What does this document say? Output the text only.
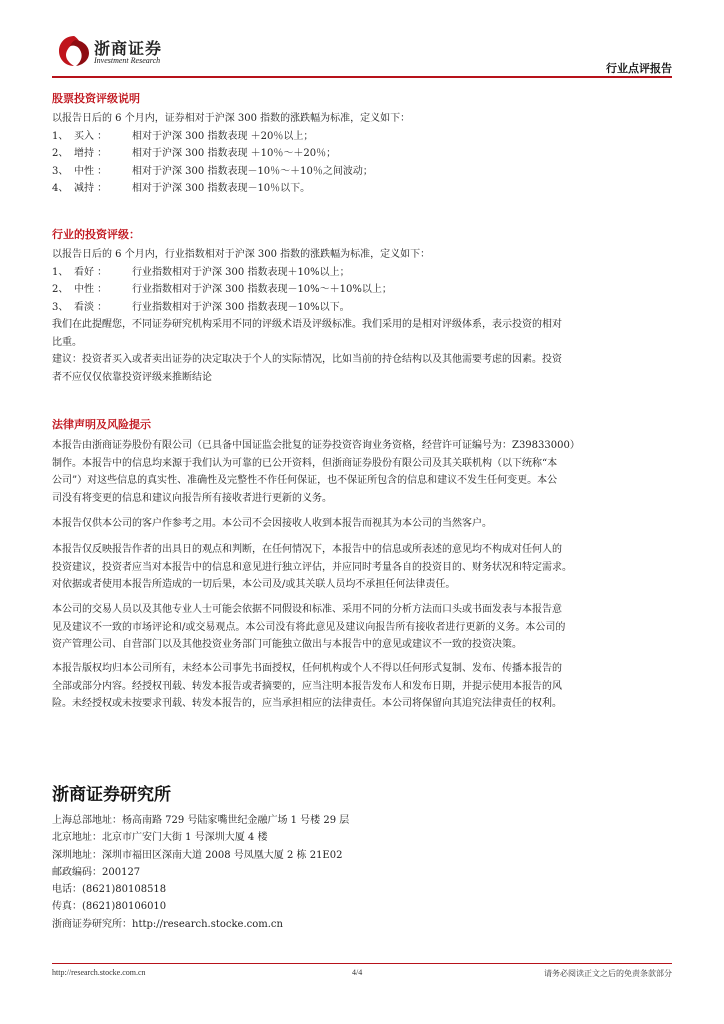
浙商证券
Investment Research
行业点评报告
股票投资评级说明
以报告日后的 6 个月内，证券相对于沪深 300 指数的涨跌幅为标准，定义如下：
1、 买入 ：	相对于沪深 300 指数表现 ＋20％以上；
2、 增持 ：	相对于沪深 300 指数表现 ＋10％～＋20％；
3、 中性 ：	相对于沪深 300 指数表现－10％～＋10％之间波动；
4、 减持 ：	相对于沪深 300 指数表现－10％以下。
行业的投资评级：
以报告日后的 6 个月内，行业指数相对于沪深 300 指数的涨跌幅为标准，定义如下：
1、 看好 ：	行业指数相对于沪深 300 指数表现＋10%以上；
2、 中性 ：	行业指数相对于沪深 300 指数表现－10%～＋10%以上；
3、 看淡 ：	行业指数相对于沪深 300 指数表现－10%以下。
我们在此提醒您，不同证券研究机构采用不同的评级术语及评级标准。我们采用的是相对评级体系，表示投资的相对
比重。
建议：投资者买入或者卖出证券的决定取决于个人的实际情况，比如当前的持仓结构以及其他需要考虑的因素。投资
者不应仅仅依靠投资评级来推断结论
法律声明及风险提示
本报告由浙商证券股份有限公司（已具备中国证监会批复的证券投资咨询业务资格，经营许可证编号为：Z39833000）
制作。本报告中的信息均来源于我们认为可靠的已公开资料，但浙商证券股份有限公司及其关联机构（以下统称“本
公司”）对这些信息的真实性、准确性及完整性不作任何保证，也不保证所包含的信息和建议不发生任何变更。本公
司没有将变更的信息和建议向报告所有接收者进行更新的义务。
本报告仅供本公司的客户作参考之用。本公司不会因接收人收到本报告而视其为本公司的当然客户。
本报告仅反映报告作者的出具日的观点和判断，在任何情况下，本报告中的信息或所表述的意见均不构成对任何人的
投资建议，投资者应当对本报告中的信息和意见进行独立评估，并应同时考量各自的投资目的、财务状况和特定需求。
对依据或者使用本报告所造成的一切后果，本公司及/或其关联人员均不承担任何法律责任。
本公司的交易人员以及其他专业人士可能会依据不同假设和标准、采用不同的分析方法而口头或书面发表与本报告意
见及建议不一致的市场评论和/或交易观点。本公司没有将此意见及建议向报告所有接收者进行更新的义务。本公司的
资产管理公司、自营部门以及其他投资业务部门可能独立做出与本报告中的意见或建议不一致的投资决策。
本报告版权均归本公司所有，未经本公司事先书面授权，任何机构或个人不得以任何形式复制、发布、传播本报告的
全部或部分内容。经授权刊载、转发本报告或者摘要的，应当注明本报告发布人和发布日期，并提示使用本报告的风
险。未经授权或未按要求刊载、转发本报告的，应当承担相应的法律责任。本公司将保留向其追究法律责任的权利。
浙商证券研究所
上海总部地址：杨高南路 729 号陆家嘴世纪金融广场 1 号楼 29 层
北京地址：北京市广安门大街 1 号深圳大厦 4 楼
深圳地址：深圳市福田区深南大道 2008 号凤凰大厦 2 栋 21E02
邮政编码：200127
电话：(8621)80108518
传真：(8621)80106010
浙商证券研究所：http://research.stocke.com.cn
http://research.stocke.com.cn	4/4	请务必阅读正文之后的免责条款部分
